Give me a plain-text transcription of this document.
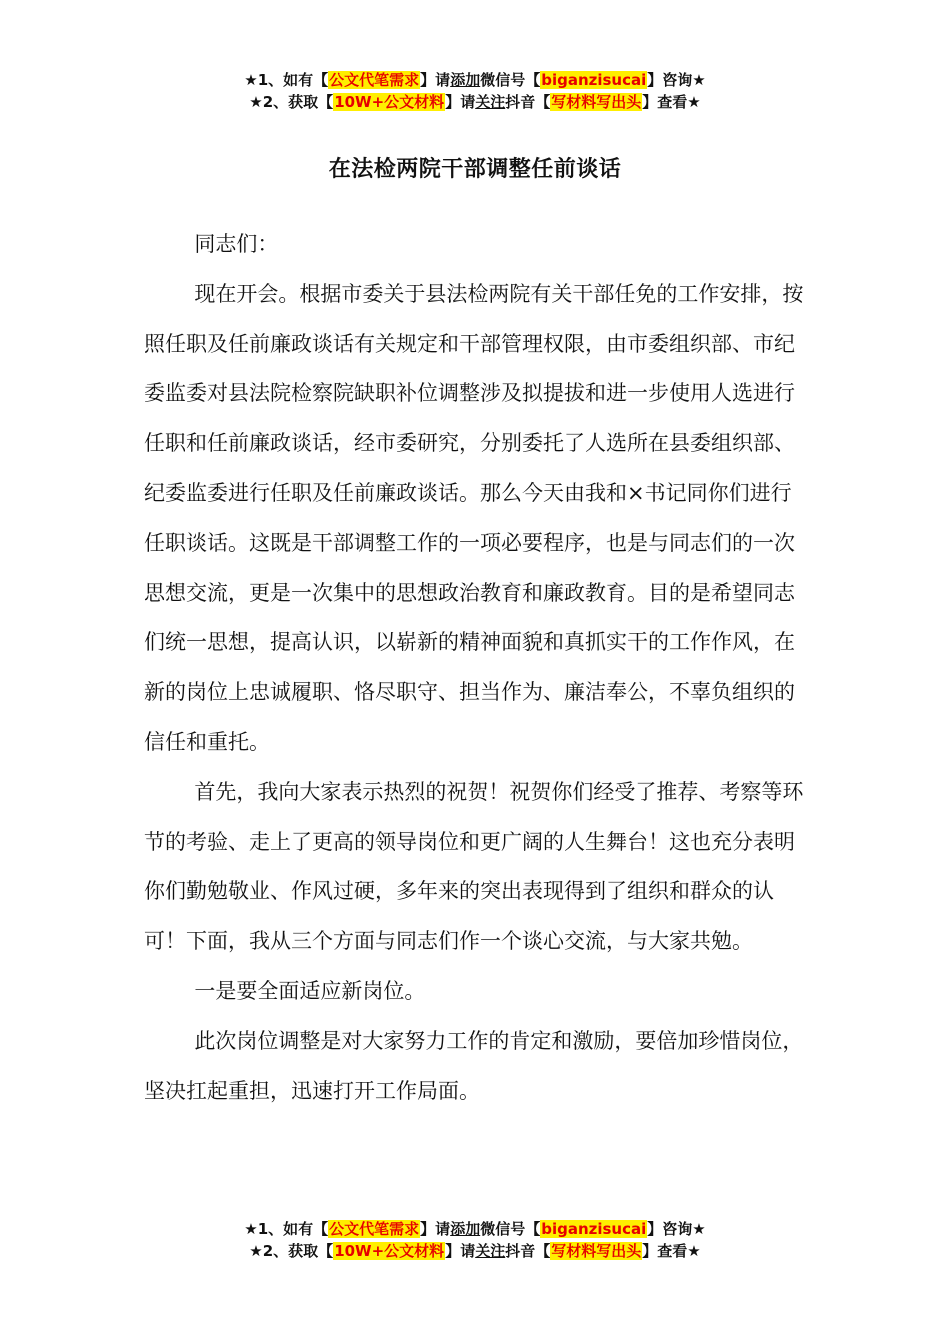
★1、如有【公文代笔需求】请添加微信号【biganzisucai】咨询★
★2、获取【10W+公文材料】请关注抖音【写材料写出头】查看★
在法检两院干部调整任前谈话

同志们：

现在开会。根据市委关于县法检两院有关干部任免的工作安排，按照任职及任前廉政谈话有关规定和干部管理权限，由市委组织部、市纪委监委对县法院检察院缺职补位调整涉及拟提拔和进一步使用人选进行任职和任前廉政谈话，经市委研究，分别委托了人选所在县委组织部、纪委监委进行任职及任前廉政谈话。那么今天由我和×书记同你们进行任职谈话。这既是干部调整工作的一项必要程序，也是与同志们的一次思想交流，更是一次集中的思想政治教育和廉政教育。目的是希望同志们统一思想，提高认识，以崭新的精神面貌和真抓实干的工作作风，在新的岗位上忠诚履职、恪尽职守、担当作为、廉洁奉公，不辜负组织的信任和重托。

首先，我向大家表示热烈的祝贺！祝贺你们经受了推荐、考察等环节的考验、走上了更高的领导岗位和更广阔的人生舞台！这也充分表明你们勤勉敬业、作风过硬，多年来的突出表现得到了组织和群众的认可！下面，我从三个方面与同志们作一个谈心交流，与大家共勉。

一是要全面适应新岗位。

此次岗位调整是对大家努力工作的肯定和激励，要倍加珍惜岗位，坚决扛起重担，迅速打开工作局面。

★1、如有【公文代笔需求】请添加微信号【biganzisucai】咨询★
★2、获取【10W+公文材料】请关注抖音【写材料写出头】查看★
